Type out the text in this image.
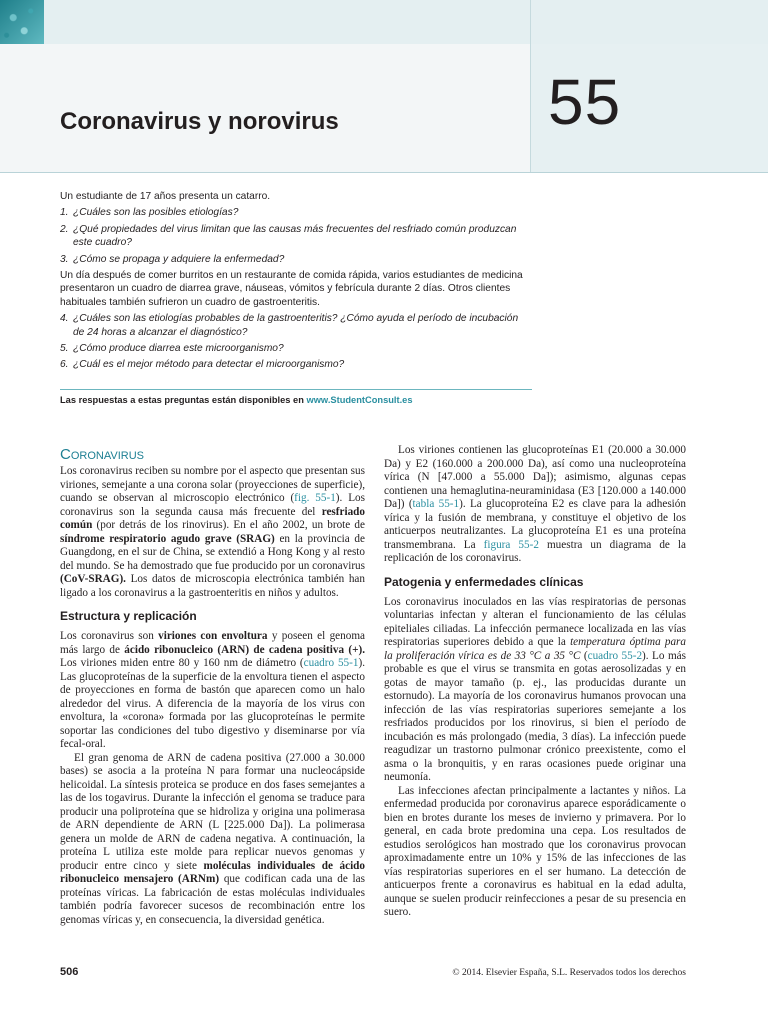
Coronavirus y norovirus	55

Un estudiante de 17 años presenta un catarro.

1. ¿Cuáles son las posibles etiologías?
2. ¿Qué propiedades del virus limitan que las causas más frecuentes del resfriado común produzcan este cuadro?
3. ¿Cómo se propaga y adquiere la enfermedad?

Un día después de comer burritos en un restaurante de comida rápida, varios estudiantes de medicina presentaron un cuadro de diarrea grave, náuseas, vómitos y febrícula durante 2 días. Otros clientes habituales también sufrieron un cuadro de gastroenteritis.

4. ¿Cuáles son las etiologías probables de la gastroenteritis? ¿Cómo ayuda el período de incubación de 24 horas a alcanzar el diagnóstico?
5. ¿Cómo produce diarrea este microorganismo?
6. ¿Cuál es el mejor método para detectar el microorganismo?
Las respuestas a estas preguntas están disponibles en www.StudentConsult.es
Coronavirus

Los coronavirus reciben su nombre por el aspecto que presentan sus viriones, semejante a una corona solar (proyecciones de superficie), cuando se observan al microscopio electrónico (fig. 55-1). Los coronavirus son la segunda causa más frecuente del resfriado común (por detrás de los rinovirus). En el año 2002, un brote de síndrome respiratorio agudo grave (SRAG) en la provincia de Guangdong, en el sur de China, se extendió a Hong Kong y al resto del mundo. Se ha demostrado que fue producido por un coronavirus (CoV-SRAG). Los datos de microscopia electrónica también han ligado a los coronavirus a la gastroenteritis en niños y adultos.

Estructura y replicación

Los coronavirus son viriones con envoltura y poseen el genoma más largo de ácido ribonucleico (ARN) de cadena positiva (+). Los viriones miden entre 80 y 160 nm de diámetro (cuadro 55-1). Las glucoproteínas de la superficie de la envoltura tienen el aspecto de proyecciones en forma de bastón que aparecen como un halo alrededor del virus. A diferencia de la mayoría de los virus con envoltura, la «corona» formada por las glucoproteínas le permite soportar las condiciones del tubo digestivo y diseminarse por vía fecal-oral.

El gran genoma de ARN de cadena positiva (27.000 a 30.000 bases) se asocia a la proteína N para formar una nucleocápside helicoidal. La síntesis proteica se produce en dos fases semejantes a las de los togavirus. Durante la infección el genoma se traduce para producir una poliproteína que se hidroliza y origina una polimerasa de ARN dependiente de ARN (L [225.000 Da]). La polimerasa genera un molde de ARN de cadena negativa. A continuación, la proteína L utiliza este molde para replicar nuevos genomas y producir entre cinco y siete moléculas individuales de ácido ribonucleico mensajero (ARNm) que codifican cada una de las proteínas víricas. La fabricación de estas moléculas individuales también podría favorecer sucesos de recombinación entre los genomas víricas y, en consecuencia, la diversidad genética.

Los viriones contienen las glucoproteínas E1 (20.000 a 30.000 Da) y E2 (160.000 a 200.000 Da), así como una nucleoproteína vírica (N [47.000 a 55.000 Da]); asimismo, algunas cepas contienen una hemaglutina-neuraminidasa (E3 [120.000 a 140.000 Da]) (tabla 55-1). La glucoproteína E2 es clave para la adhesión vírica y la fusión de membrana, y constituye el objetivo de los anticuerpos neutralizantes. La glucoproteína E1 es una proteína transmembrana. La figura 55-2 muestra un diagrama de la replicación de los coronavirus.

Patogenia y enfermedades clínicas

Los coronavirus inoculados en las vías respiratorias de personas voluntarias infectan y alteran el funcionamiento de las células epiteliales ciliadas. La infección permanece localizada en las vías respiratorias superiores debido a que la temperatura óptima para la proliferación vírica es de 33 °C a 35 °C (cuadro 55-2). Lo más probable es que el virus se transmita en gotas aerosolizadas y en gotas de mayor tamaño (p. ej., las producidas durante un estornudo). La mayoría de los coronavirus humanos provocan una infección de las vías respiratorias superiores semejante a los resfriados producidos por los rinovirus, si bien el período de incubación es más prolongado (media, 3 días). La infección puede reagudizar un trastorno pulmonar crónico preexistente, como el asma o la bronquitis, y en raras ocasiones puede originar una neumonía.

Las infecciones afectan principalmente a lactantes y niños. La enfermedad producida por coronavirus aparece esporádicamente o bien en brotes durante los meses de invierno y primavera. Por lo general, en cada brote predomina una cepa. Los resultados de estudios serológicos han mostrado que los coronavirus provocan aproximadamente entre un 10% y 15% de las infecciones de las vías respiratorias superiores en el ser humano. La detección de anticuerpos frente a coronavirus es habitual en la edad adulta, aunque se suelen producir reinfecciones a pesar de su presencia en suero.

506	© 2014. Elsevier España, S.L. Reservados todos los derechos
